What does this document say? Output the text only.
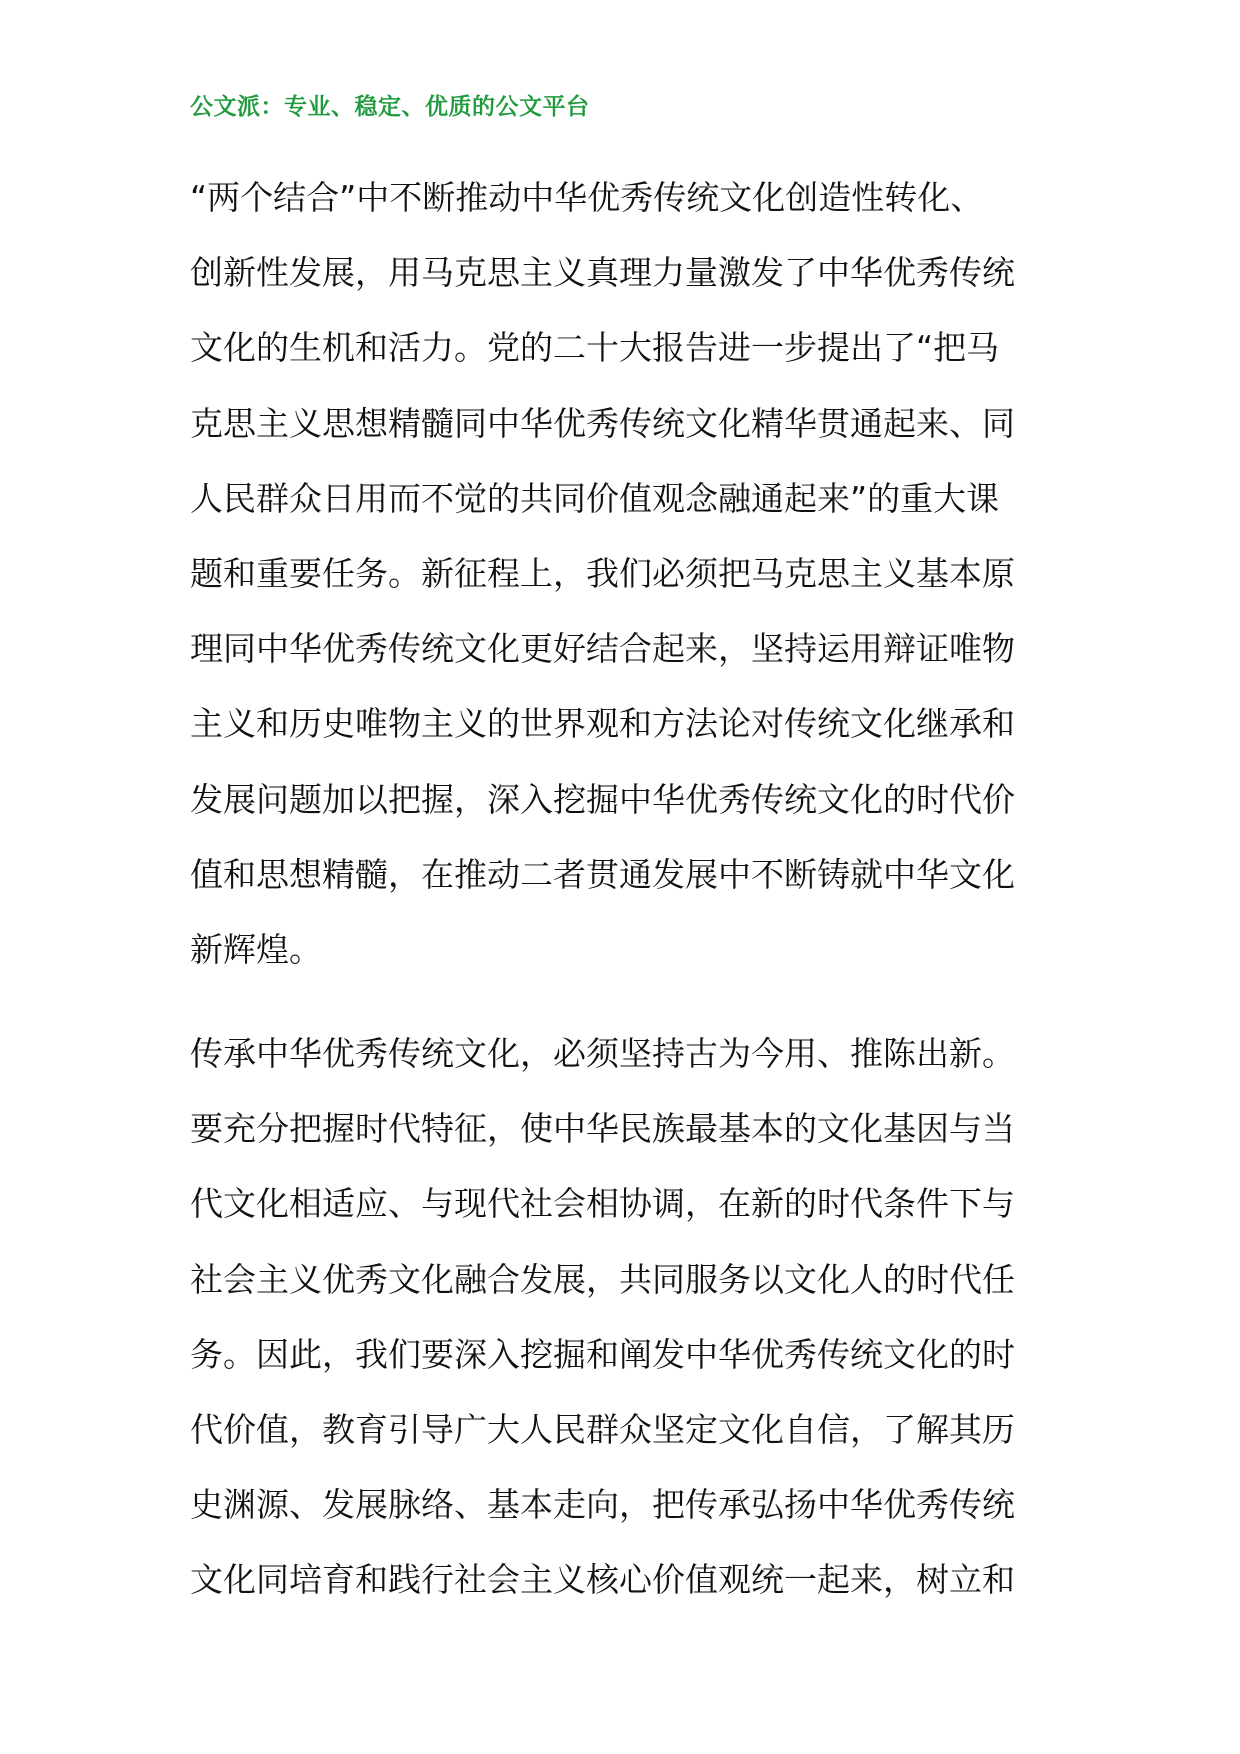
公文派：专业、稳定、优质的公文平台
“两个结合”中不断推动中华优秀传统文化创造性转化、
创新性发展，用马克思主义真理力量激发了中华优秀传统
文化的生机和活力。党的二十大报告进一步提出了“把马
克思主义思想精髓同中华优秀传统文化精华贯通起来、同
人民群众日用而不觉的共同价值观念融通起来”的重大课
题和重要任务。新征程上，我们必须把马克思主义基本原
理同中华优秀传统文化更好结合起来，坚持运用辩证唯物
主义和历史唯物主义的世界观和方法论对传统文化继承和
发展问题加以把握，深入挖掘中华优秀传统文化的时代价
值和思想精髓，在推动二者贯通发展中不断铸就中华文化
新辉煌。
传承中华优秀传统文化，必须坚持古为今用、推陈出新。
要充分把握时代特征，使中华民族最基本的文化基因与当
代文化相适应、与现代社会相协调，在新的时代条件下与
社会主义优秀文化融合发展，共同服务以文化人的时代任
务。因此，我们要深入挖掘和阐发中华优秀传统文化的时
代价值，教育引导广大人民群众坚定文化自信，了解其历
史渊源、发展脉络、基本走向，把传承弘扬中华优秀传统
文化同培育和践行社会主义核心价值观统一起来，树立和
